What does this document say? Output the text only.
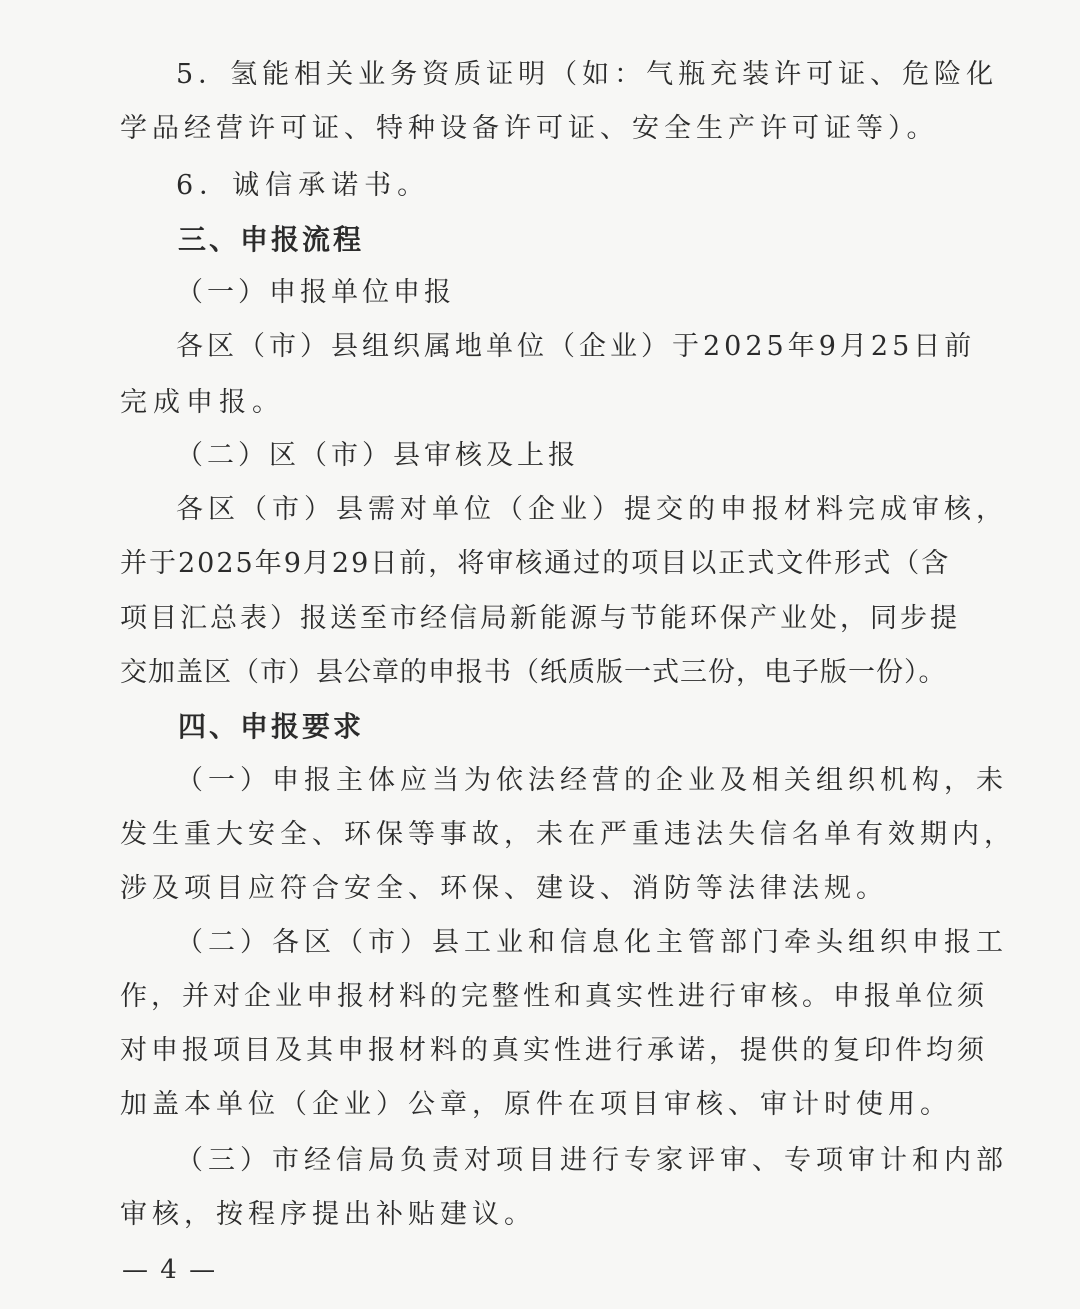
5．氢能相关业务资质证明（如：气瓶充装许可证、危险化
学品经营许可证、特种设备许可证、安全生产许可证等）。
6．诚信承诺书。
三、申报流程
（一）申报单位申报
各区（市）县组织属地单位（企业）于2025年9月25日前
完成申报。
（二）区（市）县审核及上报
各区（市）县需对单位（企业）提交的申报材料完成审核，
并于2025年9月29日前，将审核通过的项目以正式文件形式（含
项目汇总表）报送至市经信局新能源与节能环保产业处，同步提
交加盖区（市）县公章的申报书（纸质版一式三份，电子版一份）。
四、申报要求
（一）申报主体应当为依法经营的企业及相关组织机构，未
发生重大安全、环保等事故，未在严重违法失信名单有效期内，
涉及项目应符合安全、环保、建设、消防等法律法规。
（二）各区（市）县工业和信息化主管部门牵头组织申报工
作，并对企业申报材料的完整性和真实性进行审核。申报单位须
对申报项目及其申报材料的真实性进行承诺，提供的复印件均须
加盖本单位（企业）公章，原件在项目审核、审计时使用。
（三）市经信局负责对项目进行专家评审、专项审计和内部
审核，按程序提出补贴建议。
— 4 —
